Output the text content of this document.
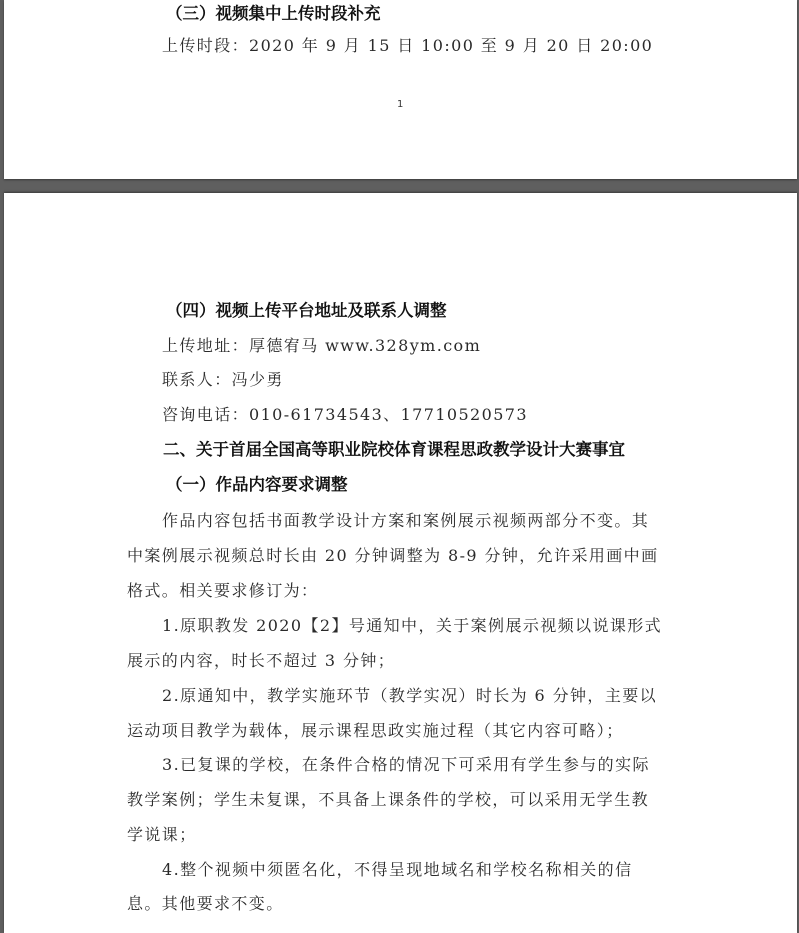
（三）视频集中上传时段补充
上传时段：2020 年 9 月 15 日 10:00 至 9 月 20 日 20:00
1
（四）视频上传平台地址及联系人调整
上传地址：厚德宥马 www.328ym.com
联系人：冯少勇
咨询电话：010-61734543、17710520573
二、关于首届全国高等职业院校体育课程思政教学设计大赛事宜
（一）作品内容要求调整
作品内容包括书面教学设计方案和案例展示视频两部分不变。其
中案例展示视频总时长由 20 分钟调整为 8-9 分钟，允许采用画中画
格式。相关要求修订为：
1.原职教发 2020【2】号通知中，关于案例展示视频以说课形式
展示的内容，时长不超过 3 分钟；
2.原通知中，教学实施环节（教学实况）时长为 6 分钟，主要以
运动项目教学为载体，展示课程思政实施过程（其它内容可略）；
3.已复课的学校，在条件合格的情况下可采用有学生参与的实际
教学案例；学生未复课，不具备上课条件的学校，可以采用无学生教
学说课；
4.整个视频中须匿名化，不得呈现地域名和学校名称相关的信
息。其他要求不变。
